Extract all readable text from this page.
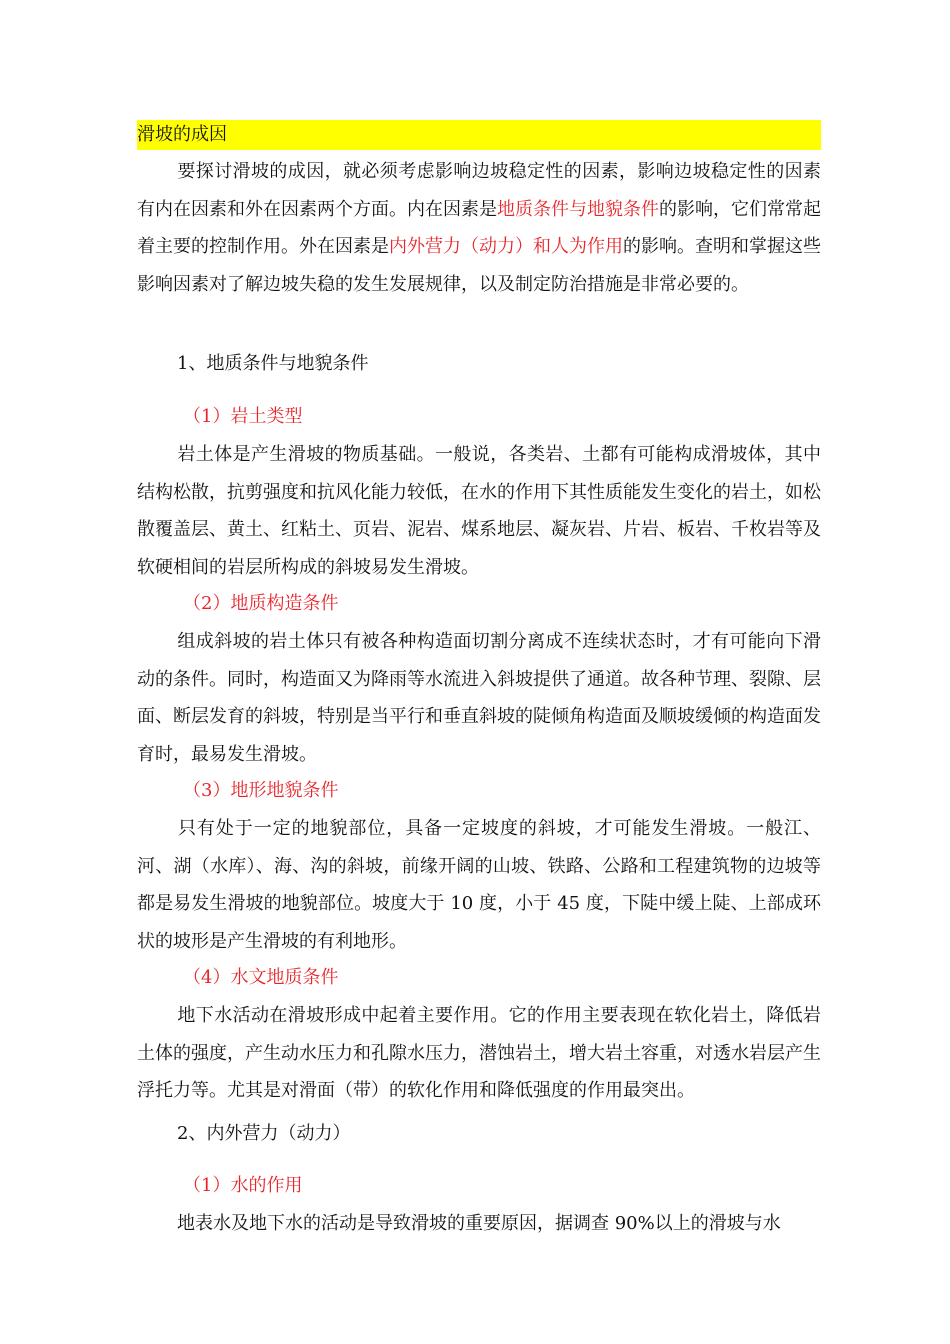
滑坡的成因

要探讨滑坡的成因，就必须考虑影响边坡稳定性的因素，影响边坡稳定性的因素有内在因素和外在因素两个方面。内在因素是地质条件与地貌条件的影响，它们常常起着主要的控制作用。外在因素是内外营力（动力）和人为作用的影响。查明和掌握这些影响因素对了解边坡失稳的发生发展规律，以及制定防治措施是非常必要的。

1、地质条件与地貌条件

（1）岩土类型

岩土体是产生滑坡的物质基础。一般说，各类岩、土都有可能构成滑坡体，其中结构松散，抗剪强度和抗风化能力较低，在水的作用下其性质能发生变化的岩土，如松散覆盖层、黄土、红粘土、页岩、泥岩、煤系地层、凝灰岩、片岩、板岩、千枚岩等及软硬相间的岩层所构成的斜坡易发生滑坡。

（2）地质构造条件

组成斜坡的岩土体只有被各种构造面切割分离成不连续状态时，才有可能向下滑动的条件。同时，构造面又为降雨等水流进入斜坡提供了通道。故各种节理、裂隙、层面、断层发育的斜坡，特别是当平行和垂直斜坡的陡倾角构造面及顺坡缓倾的构造面发育时，最易发生滑坡。

（3）地形地貌条件

只有处于一定的地貌部位，具备一定坡度的斜坡，才可能发生滑坡。一般江、河、湖（水库）、海、沟的斜坡，前缘开阔的山坡、铁路、公路和工程建筑物的边坡等都是易发生滑坡的地貌部位。坡度大于 10 度，小于 45 度，下陡中缓上陡、上部成环状的坡形是产生滑坡的有利地形。

（4）水文地质条件

地下水活动在滑坡形成中起着主要作用。它的作用主要表现在软化岩土，降低岩土体的强度，产生动水压力和孔隙水压力，潜蚀岩土，增大岩土容重，对透水岩层产生浮托力等。尤其是对滑面（带）的软化作用和降低强度的作用最突出。

2、内外营力（动力）

（1）水的作用

地表水及地下水的活动是导致滑坡的重要原因，据调查 90%以上的滑坡与水
